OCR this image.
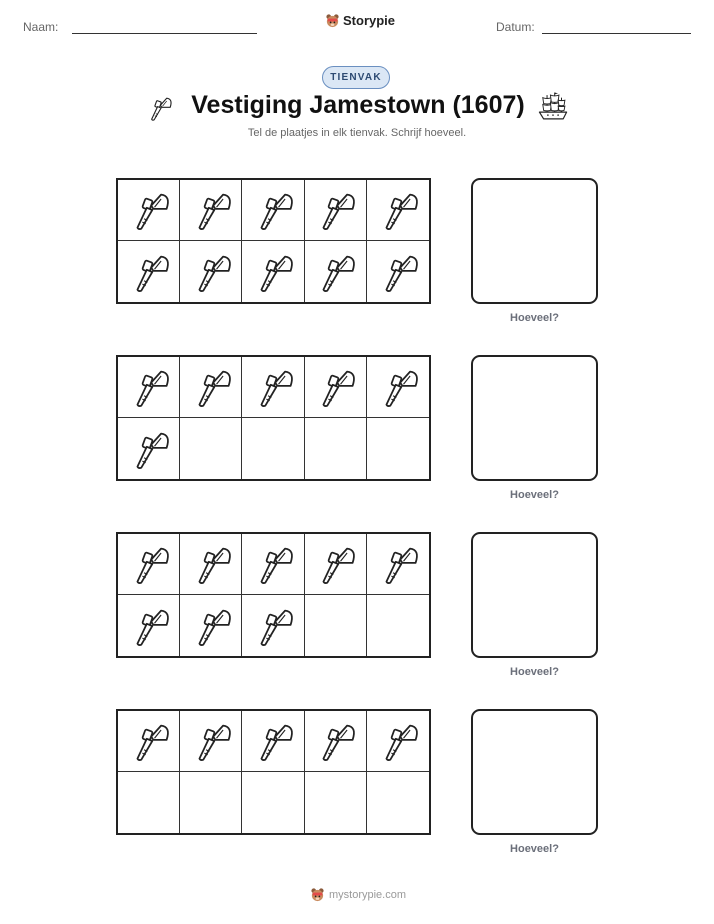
Naam:	Storypie	Datum:
TIENVAK
Vestiging Jamestown (1607)
Tel de plaatjes in elk tienvak. Schrijf hoeveel.
Hoeveel?
Hoeveel?
Hoeveel?
Hoeveel?
mystorypie.com
